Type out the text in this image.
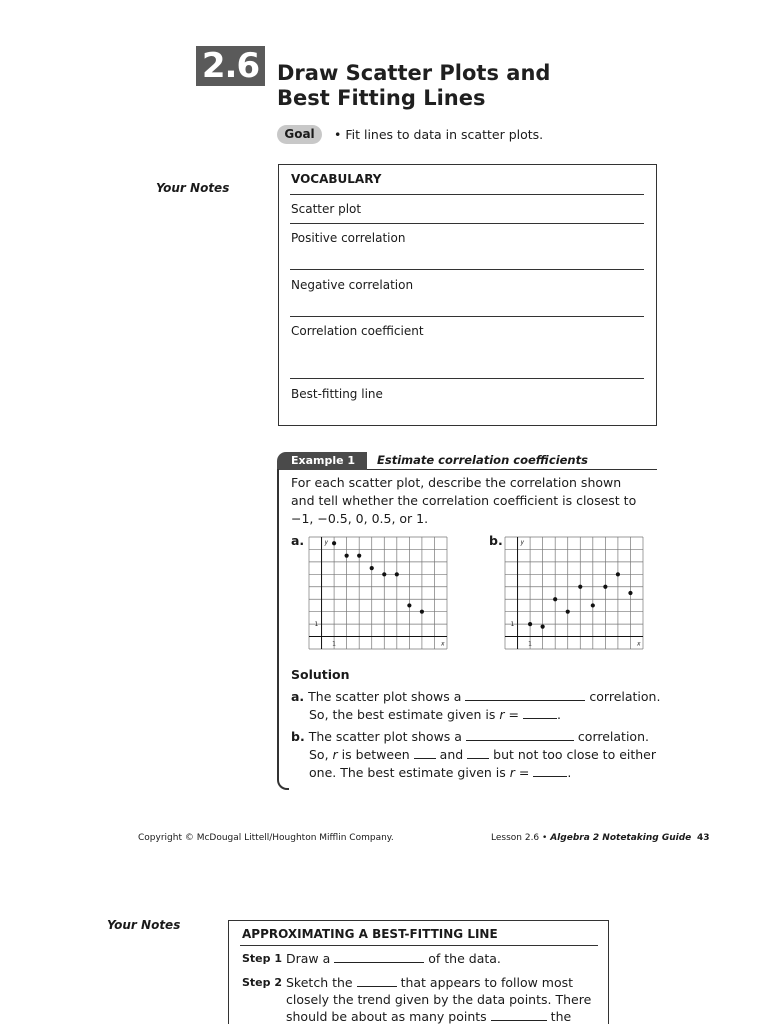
2.6 Draw Scatter Plots and
Best Fitting Lines
Goal	• Fit lines to data in scatter plots.
Your Notes
VOCABULARY
Scatter plot
Positive correlation
Negative correlation
Correlation coefficient
Best-fitting line
Example 1	Estimate correlation coefficients
For each scatter plot, describe the correlation shown
and tell whether the correlation coefficient is closest to
−1, −0.5, 0, 0.5, or 1.
a.	b.
x
y
1
1
x
y
1
1
Solution
a. The scatter plot shows a	correlation.
So, the best estimate given is r =	.
b. The scatter plot shows a	correlation.
So, r is between and but not too close to either
one. The best estimate given is r =	.
Copyright © McDougal Littell/Houghton Mifflin Company.	Lesson 2.6 • Algebra 2 Notetaking Guide 43
Your Notes
APPROXIMATING A BEST-FITTING LINE
Step 1 Draw a	of the data.
Step 2 Sketch the	that appears to follow most
closely the trend given by the data points. There
should be about as many points	the
